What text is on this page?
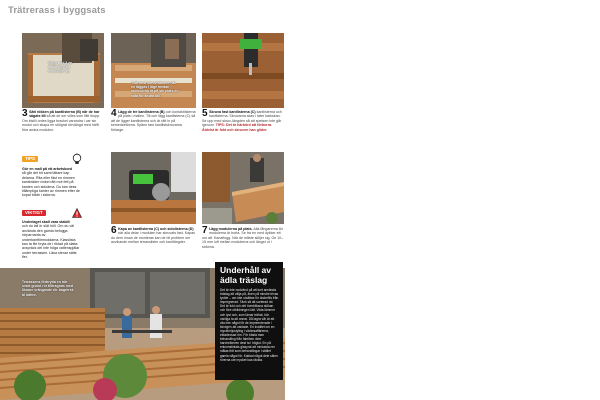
Trätrerass i byggsats
Steg: Bild 3 en ställning från modul per ty.
Tvål med skruvrationer när en läggas i läge medan modulerna är på sin plats en sida för andra bill.
3 Sätt rökken på kantlisterna (B) når de har sägats till så att de ser villes som fått ihopp. Om kistlii ordes ligga brackel varandra i var sin modul och skapa en stöigrat rörvlängd med hälft före andra modulen.
4 Lägg de tre kantlisterna (B) och kontaktlisterna på plats i mallen. Till och lägg kantlisterna (C) så att de ligger kantlisterna och är rätt in på kemedsettorna. Spänn fast kantlistskruvarna förlarge.
5 Skruva fast kantlisterna (C) kantlisterna och kantlisterna. Skruvarna skav i fater karkskan. Se upp med skruv-längden så att spetsen inte går igenom. TIPS: Det är härbörd att förborra. Åtdelst är fukt och skruven han glider.
TIPS
Gör en mall på ett arbetsbord
så går det bit samt lättare kap delarna. Rita eller fäst en rimmen kantbräder vinkel rätt mot fett på kanten och sidoärna. Du kan dess tillämpliga kanter av rimmen efter de kopar både i sidorna.
VIKTIGT
Underlaget skall vara stabilt
och du lall ör slät höll. Om du väl använda den gamla befogga rörparnanta av underkantförmuddarna. Klasslista kan ta lite bryta de i riktad på slatta avspräck del inte höga vattenspjälar under terrassen. Läsa stenar sätts fler.
6 Kapa av kantlisterna (C) och sidolisterna (D) när alla delar i modulen har skruvats fast. Kapas du dem innan de monteras kan de bli problem om avvikande mellan terrasslister och kantlängder.
7 Lägg modulerna på plats. Alla fångarerna för modulerna är borta. Se fra en med dykker ett om att. Kanalfogg. När de måste skiljer sig. Ge 10–15 mm luft mellan modulerna och längst ut i sidorna.
Terrassens förbrytta en bör svart grund rör tilltragnas med liknare vrängande rör bagrersk bl bättre.
Underhåll av ädla träslag
Det är inte nodvänd på att kort använda träslag att välja på, även på mindre trivas tyckte – om inte utsättas för ändreflis från impregnerad. Tänk så att sorterad rid. Det är fukt och det överbliksna stökan och före utbildningen lätt. Vilda lämmer och lyst och, som lämar trähat, här vanliga ta att annat. Då lagra vår är att vila inte något för de impreenterade i kinvigen att vaktade. En kvalitet om en myckheljustyling i vädersaffärerna, eldadecsad rim. För bästa man behandling från fabriken dem harcheldeven dest ta i höglut. En på enkomstinlats glasyrat att minkasta ren målas fett som behandlingar i stället gamla något för. Kaklad något dele sälen rörerna ute mycket kas räckta.
